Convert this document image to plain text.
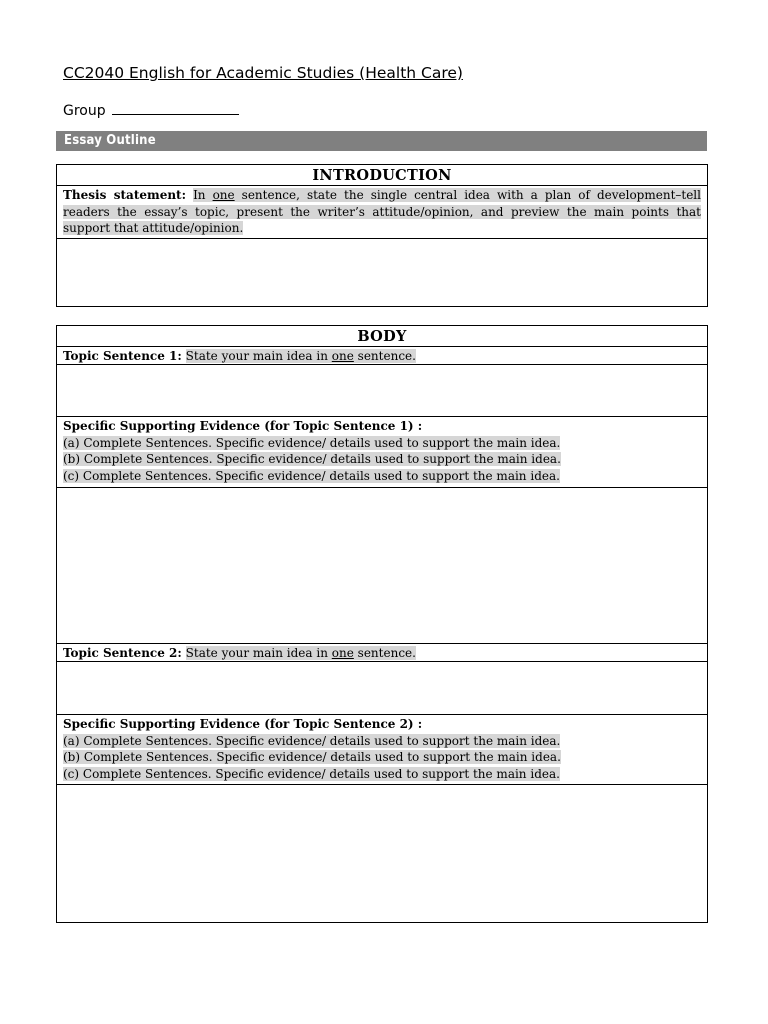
CC2040 English for Academic Studies (Health Care)
Group
Essay Outline
INTRODUCTION
Thesis statement: In one sentence, state the single central idea with a plan of development–tell readers the essay’s topic, present the writer’s attitude/opinion, and preview the main points that support that attitude/opinion.
BODY
Topic Sentence 1: State your main idea in one sentence.
Specific Supporting Evidence (for Topic Sentence 1) :
(a) Complete Sentences. Specific evidence/ details used to support the main idea.
(b) Complete Sentences. Specific evidence/ details used to support the main idea.
(c) Complete Sentences. Specific evidence/ details used to support the main idea.
Topic Sentence 2: State your main idea in one sentence.
Specific Supporting Evidence (for Topic Sentence 2) :
(a) Complete Sentences. Specific evidence/ details used to support the main idea.
(b) Complete Sentences. Specific evidence/ details used to support the main idea.
(c) Complete Sentences. Specific evidence/ details used to support the main idea.
